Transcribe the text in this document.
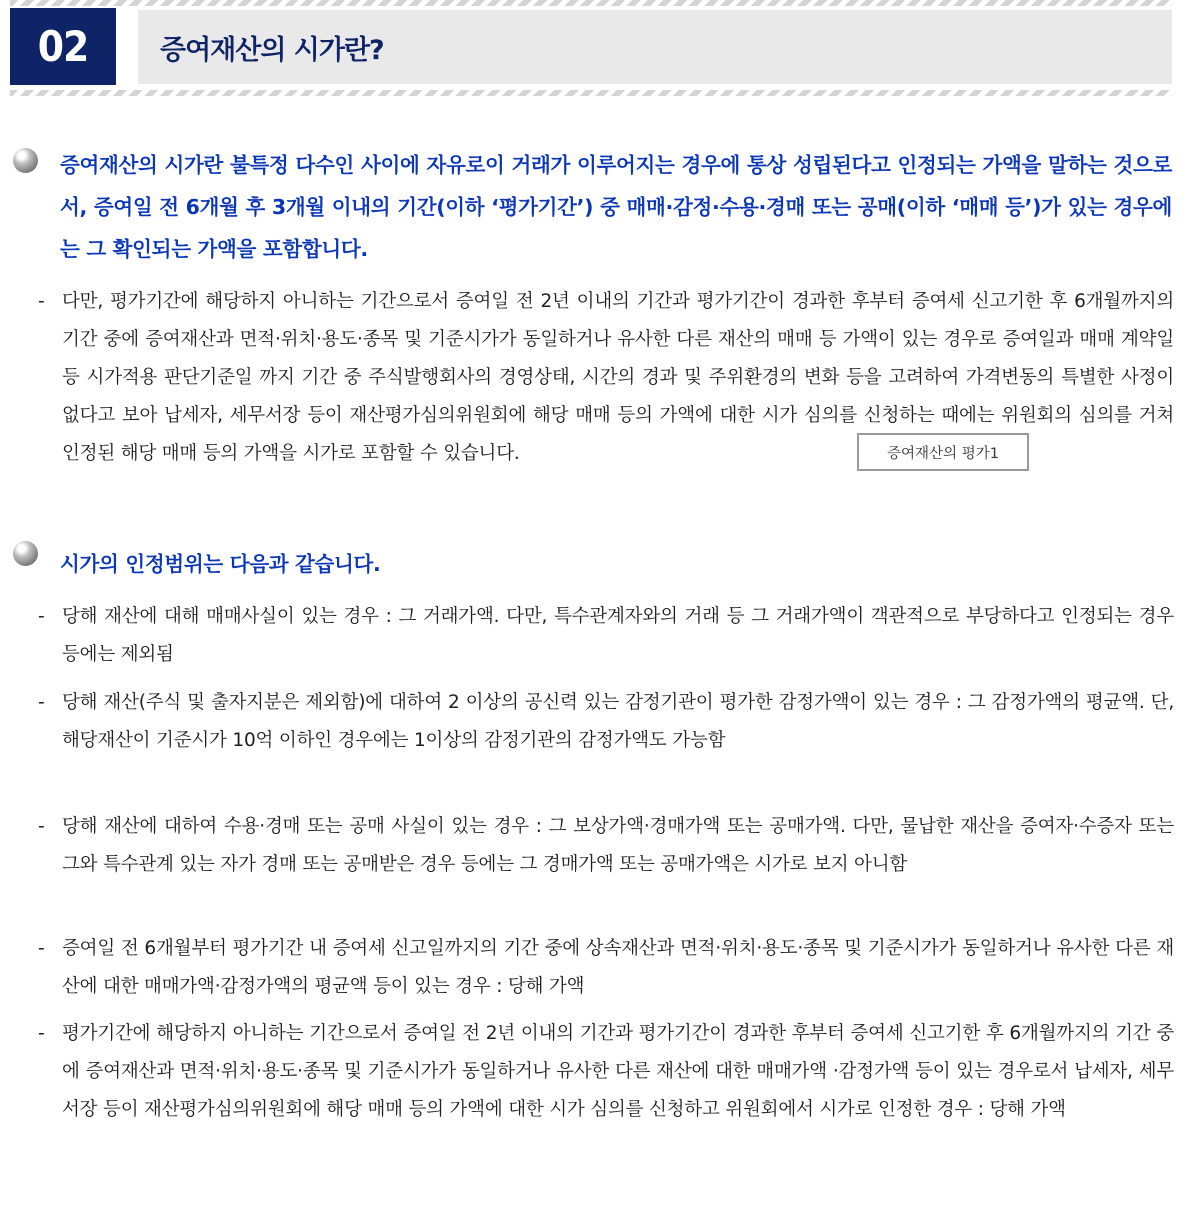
02	증여재산의 시가란?
증여재산의 시가란 불특정 다수인 사이에 자유로이 거래가 이루어지는 경우에 통상 성립된다고 인정되는 가액을 말하는 것으로서, 증여일 전 6개월 후 3개월 이내의 기간(이하 ‘평가기간’) 중 매매·감정·수용·경매 또는 공매(이하 ‘매매 등’)가 있는 경우에는 그 확인되는 가액을 포함합니다.
- 다만, 평가기간에 해당하지 아니하는 기간으로서 증여일 전 2년 이내의 기간과 평가기간이 경과한 후부터 증여세 신고기한 후 6개월까지의 기간 중에 증여재산과 면적·위치·용도·종목 및 기준시가가 동일하거나 유사한 다른 재산의 매매 등 가액이 있는 경우로 증여일과 매매 계약일 등 시가적용 판단기준일 까지 기간 중 주식발행회사의 경영상태, 시간의 경과 및 주위환경의 변화 등을 고려하여 가격변동의 특별한 사정이 없다고 보아 납세자, 세무서장 등이 재산평가심의위원회에 해당 매매 등의 가액에 대한 시가 심의를 신청하는 때에는 위원회의 심의를 거쳐 인정된 해당 매매 등의 가액을 시가로 포함할 수 있습니다.	증여재산의 평가1
시가의 인정범위는 다음과 같습니다.
- 당해 재산에 대해 매매사실이 있는 경우 : 그 거래가액. 다만, 특수관계자와의 거래 등 그 거래가액이 객관적으로 부당하다고 인정되는 경우 등에는 제외됨
- 당해 재산(주식 및 출자지분은 제외함)에 대하여 2 이상의 공신력 있는 감정기관이 평가한 감정가액이 있는 경우 : 그 감정가액의 평균액. 단, 해당재산이 기준시가 10억 이하인 경우에는 1이상의 감정기관의 감정가액도 가능함
- 당해 재산에 대하여 수용·경매 또는 공매 사실이 있는 경우 : 그 보상가액·경매가액 또는 공매가액. 다만, 물납한 재산을 증여자·수증자 또는 그와 특수관계 있는 자가 경매 또는 공매받은 경우 등에는 그 경매가액 또는 공매가액은 시가로 보지 아니함
- 증여일 전 6개월부터 평가기간 내 증여세 신고일까지의 기간 중에 상속재산과 면적·위치·용도·종목 및 기준시가가 동일하거나 유사한 다른 재산에 대한 매매가액·감정가액의 평균액 등이 있는 경우 : 당해 가액
- 평가기간에 해당하지 아니하는 기간으로서 증여일 전 2년 이내의 기간과 평가기간이 경과한 후부터 증여세 신고기한 후 6개월까지의 기간 중에 증여재산과 면적·위치·용도·종목 및 기준시가가 동일하거나 유사한 다른 재산에 대한 매매가액 ·감정가액 등이 있는 경우로서 납세자, 세무서장 등이 재산평가심의위원회에 해당 매매 등의 가액에 대한 시가 심의를 신청하고 위원회에서 시가로 인정한 경우 : 당해 가액
